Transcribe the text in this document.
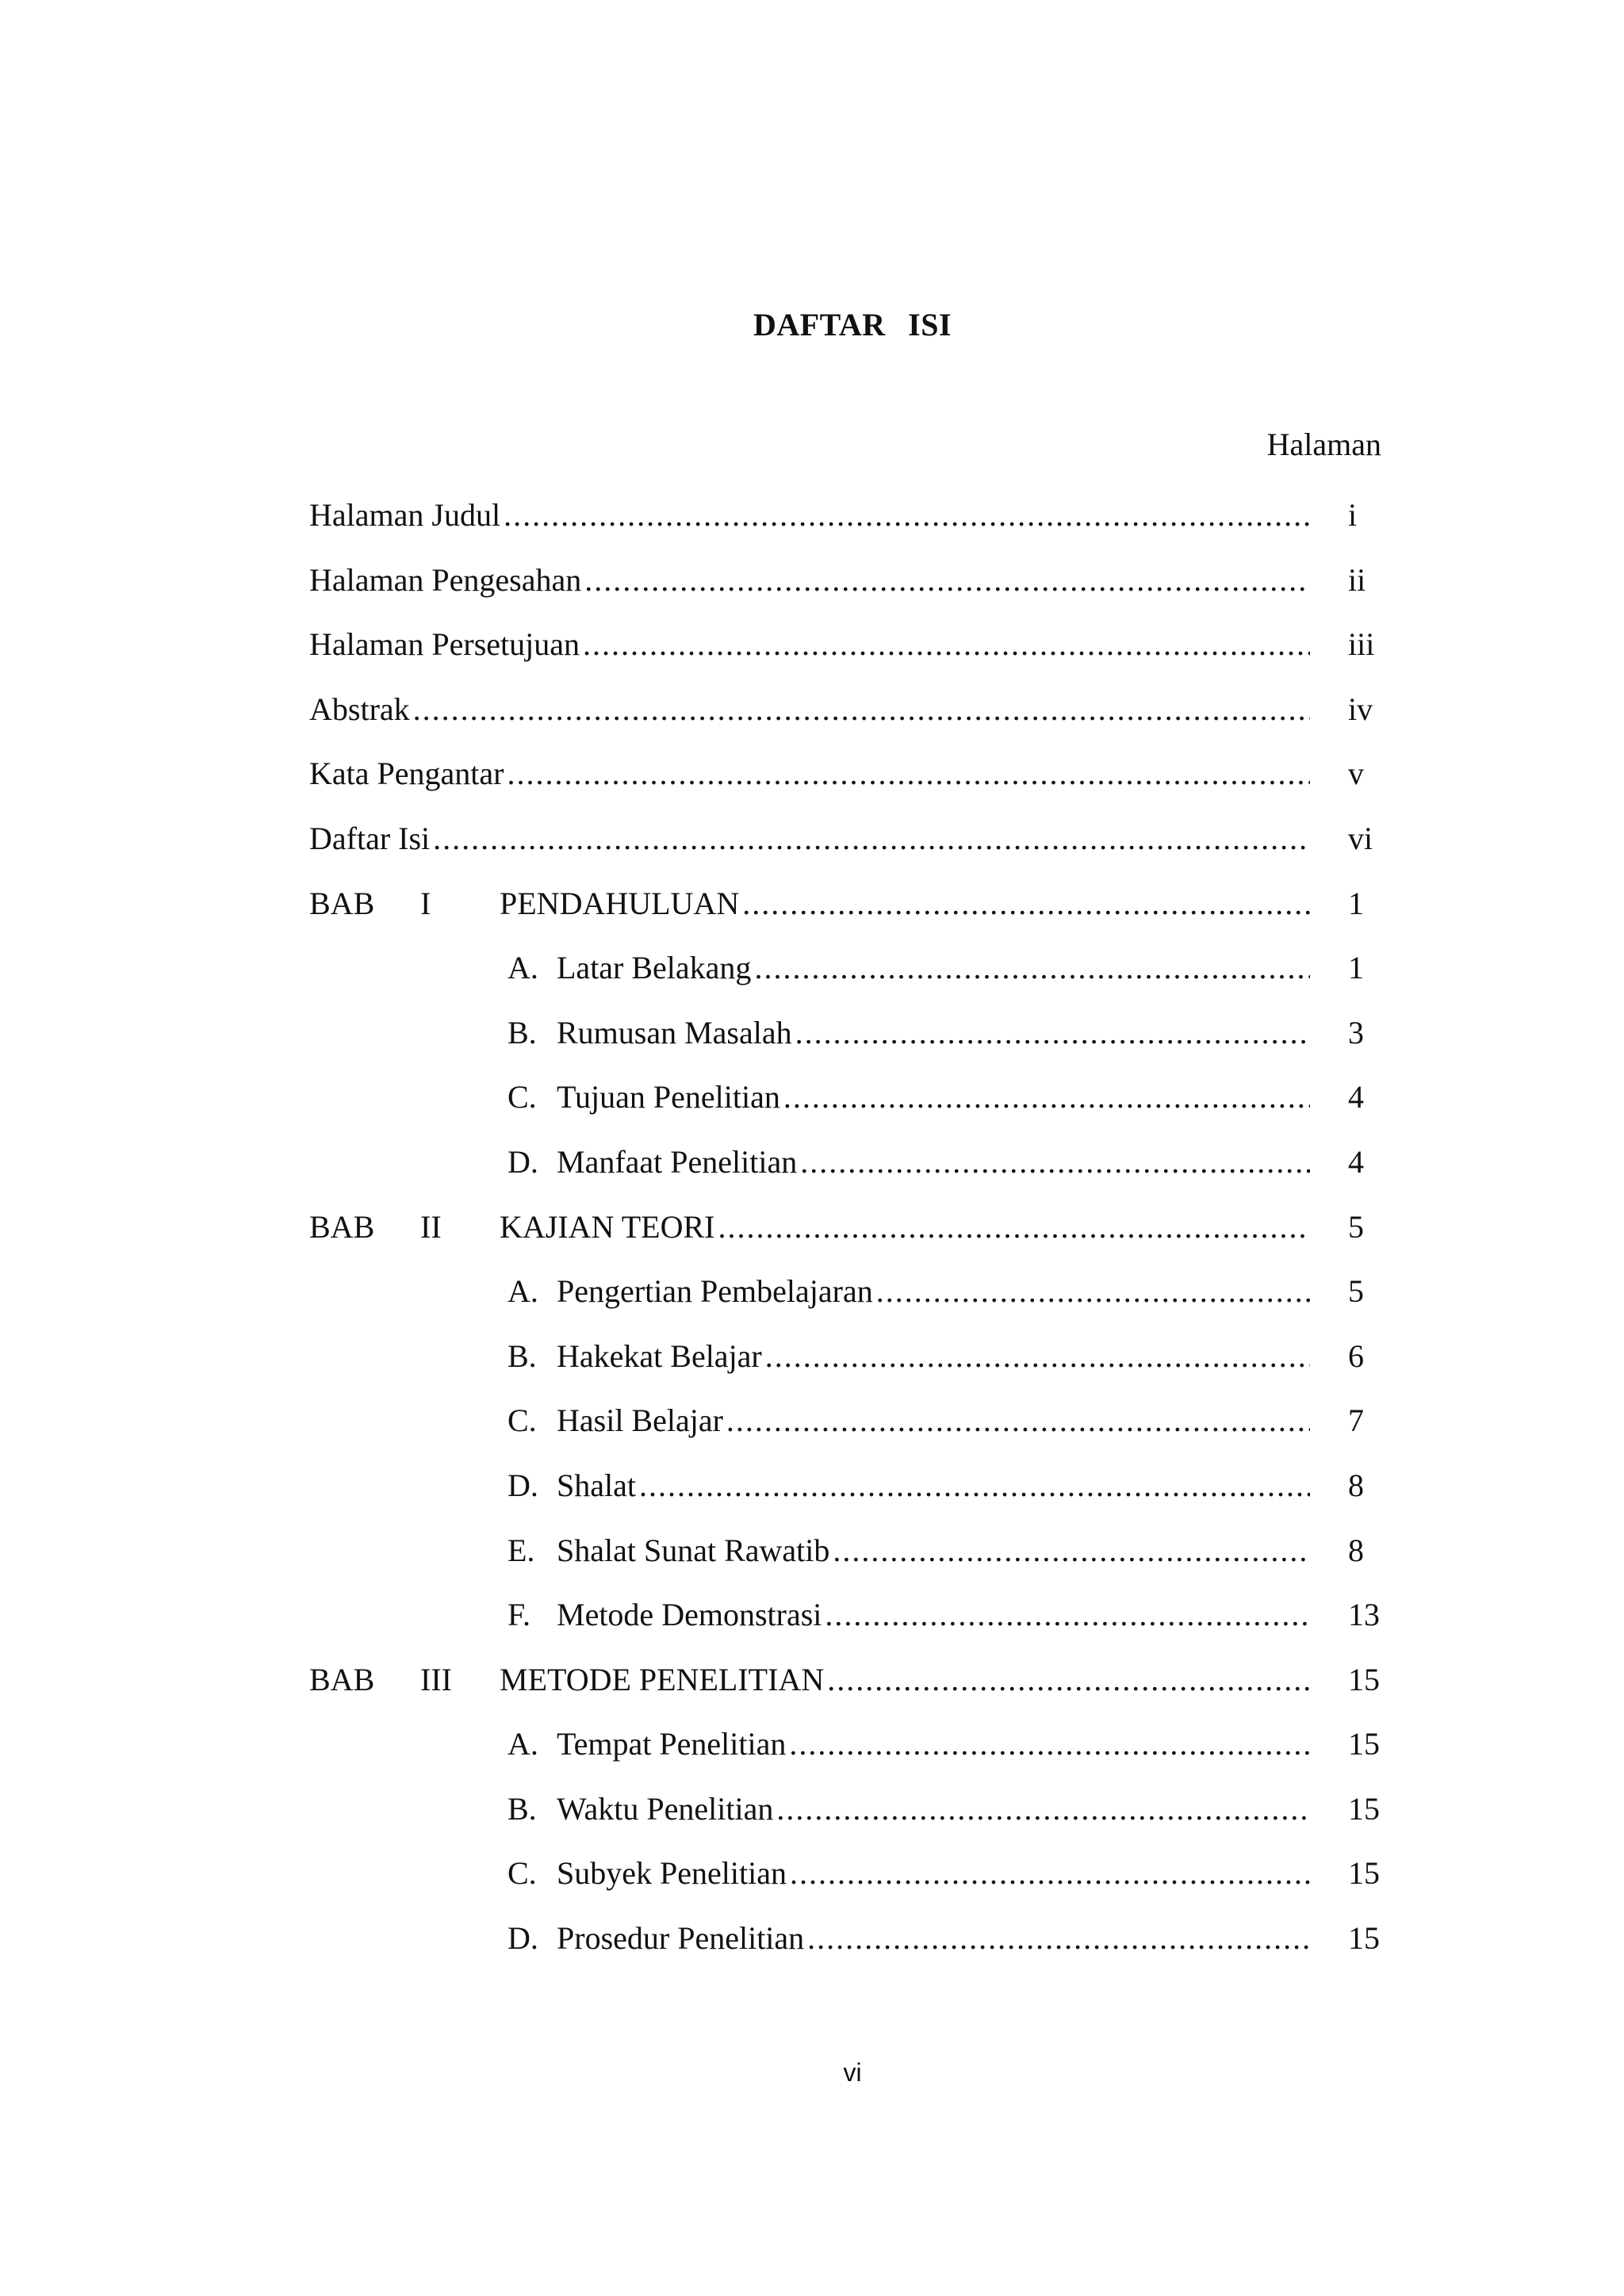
DAFTAR ISI
Halaman
Halaman Judul .....	i
Halaman Pengesahan .....	ii
Halaman Persetujuan .....	iii
Abstrak .....	iv
Kata Pengantar .....	v
Daftar Isi .....	vi
BAB I	PENDAHULUAN .....	1
A. Latar Belakang .....	1
B. Rumusan Masalah .....	3
C. Tujuan Penelitian .....	4
D. Manfaat Penelitian .....	4
BAB II	KAJIAN TEORI .....	5
A. Pengertian Pembelajaran .....	5
B. Hakekat Belajar .....	6
C. Hasil Belajar .....	7
D. Shalat .....	8
E. Shalat Sunat Rawatib .....	8
F. Metode Demonstrasi .....	13
BAB III	METODE PENELITIAN .....	15
A. Tempat Penelitian .....	15
B. Waktu Penelitian .....	15
C. Subyek Penelitian .....	15
D. Prosedur Penelitian .....	15
vi
